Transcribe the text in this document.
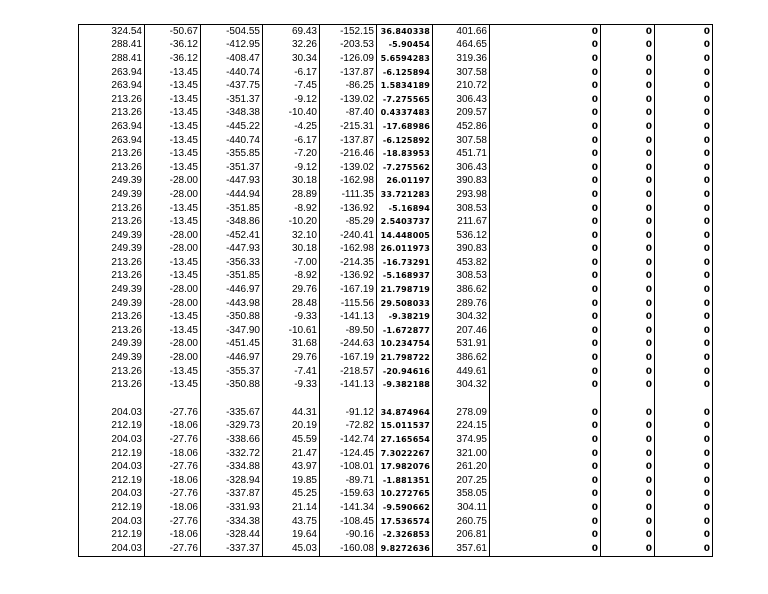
324.54	-50.67	-504.55	69.43	-152.15	36.840338	401.66	0	0	0
288.41	-36.12	-412.95	32.26	-203.53	-5.90454	464.65	0	0	0
288.41	-36.12	-408.47	30.34	-126.09	5.6594283	319.36	0	0	0
263.94	-13.45	-440.74	-6.17	-137.87	-6.125894	307.58	0	0	0
263.94	-13.45	-437.75	-7.45	-86.25	1.5834189	210.72	0	0	0
213.26	-13.45	-351.37	-9.12	-139.02	-7.275565	306.43	0	0	0
213.26	-13.45	-348.38	-10.40	-87.40	0.4337483	209.57	0	0	0
263.94	-13.45	-445.22	-4.25	-215.31	-17.68986	452.86	0	0	0
263.94	-13.45	-440.74	-6.17	-137.87	-6.125892	307.58	0	0	0
213.26	-13.45	-355.85	-7.20	-216.46	-18.83953	451.71	0	0	0
213.26	-13.45	-351.37	-9.12	-139.02	-7.275562	306.43	0	0	0
249.39	-28.00	-447.93	30.18	-162.98	26.01197	390.83	0	0	0
249.39	-28.00	-444.94	28.89	-111.35	33.721283	293.98	0	0	0
213.26	-13.45	-351.85	-8.92	-136.92	-5.16894	308.53	0	0	0
213.26	-13.45	-348.86	-10.20	-85.29	2.5403737	211.67	0	0	0
249.39	-28.00	-452.41	32.10	-240.41	14.448005	536.12	0	0	0
249.39	-28.00	-447.93	30.18	-162.98	26.011973	390.83	0	0	0
213.26	-13.45	-356.33	-7.00	-214.35	-16.73291	453.82	0	0	0
213.26	-13.45	-351.85	-8.92	-136.92	-5.168937	308.53	0	0	0
249.39	-28.00	-446.97	29.76	-167.19	21.798719	386.62	0	0	0
249.39	-28.00	-443.98	28.48	-115.56	29.508033	289.76	0	0	0
213.26	-13.45	-350.88	-9.33	-141.13	-9.38219	304.32	0	0	0
213.26	-13.45	-347.90	-10.61	-89.50	-1.672877	207.46	0	0	0
249.39	-28.00	-451.45	31.68	-244.63	10.234754	531.91	0	0	0
249.39	-28.00	-446.97	29.76	-167.19	21.798722	386.62	0	0	0
213.26	-13.45	-355.37	-7.41	-218.57	-20.94616	449.61	0	0	0
213.26	-13.45	-350.88	-9.33	-141.13	-9.382188	304.32	0	0	0

204.03	-27.76	-335.67	44.31	-91.12	34.874964	278.09	0	0	0
212.19	-18.06	-329.73	20.19	-72.82	15.011537	224.15	0	0	0
204.03	-27.76	-338.66	45.59	-142.74	27.165654	374.95	0	0	0
212.19	-18.06	-332.72	21.47	-124.45	7.3022267	321.00	0	0	0
204.03	-27.76	-334.88	43.97	-108.01	17.982076	261.20	0	0	0
212.19	-18.06	-328.94	19.85	-89.71	-1.881351	207.25	0	0	0
204.03	-27.76	-337.87	45.25	-159.63	10.272765	358.05	0	0	0
212.19	-18.06	-331.93	21.14	-141.34	-9.590662	304.11	0	0	0
204.03	-27.76	-334.38	43.75	-108.45	17.536574	260.75	0	0	0
212.19	-18.06	-328.44	19.64	-90.16	-2.326853	206.81	0	0	0
204.03	-27.76	-337.37	45.03	-160.08	9.8272636	357.61	0	0	0
